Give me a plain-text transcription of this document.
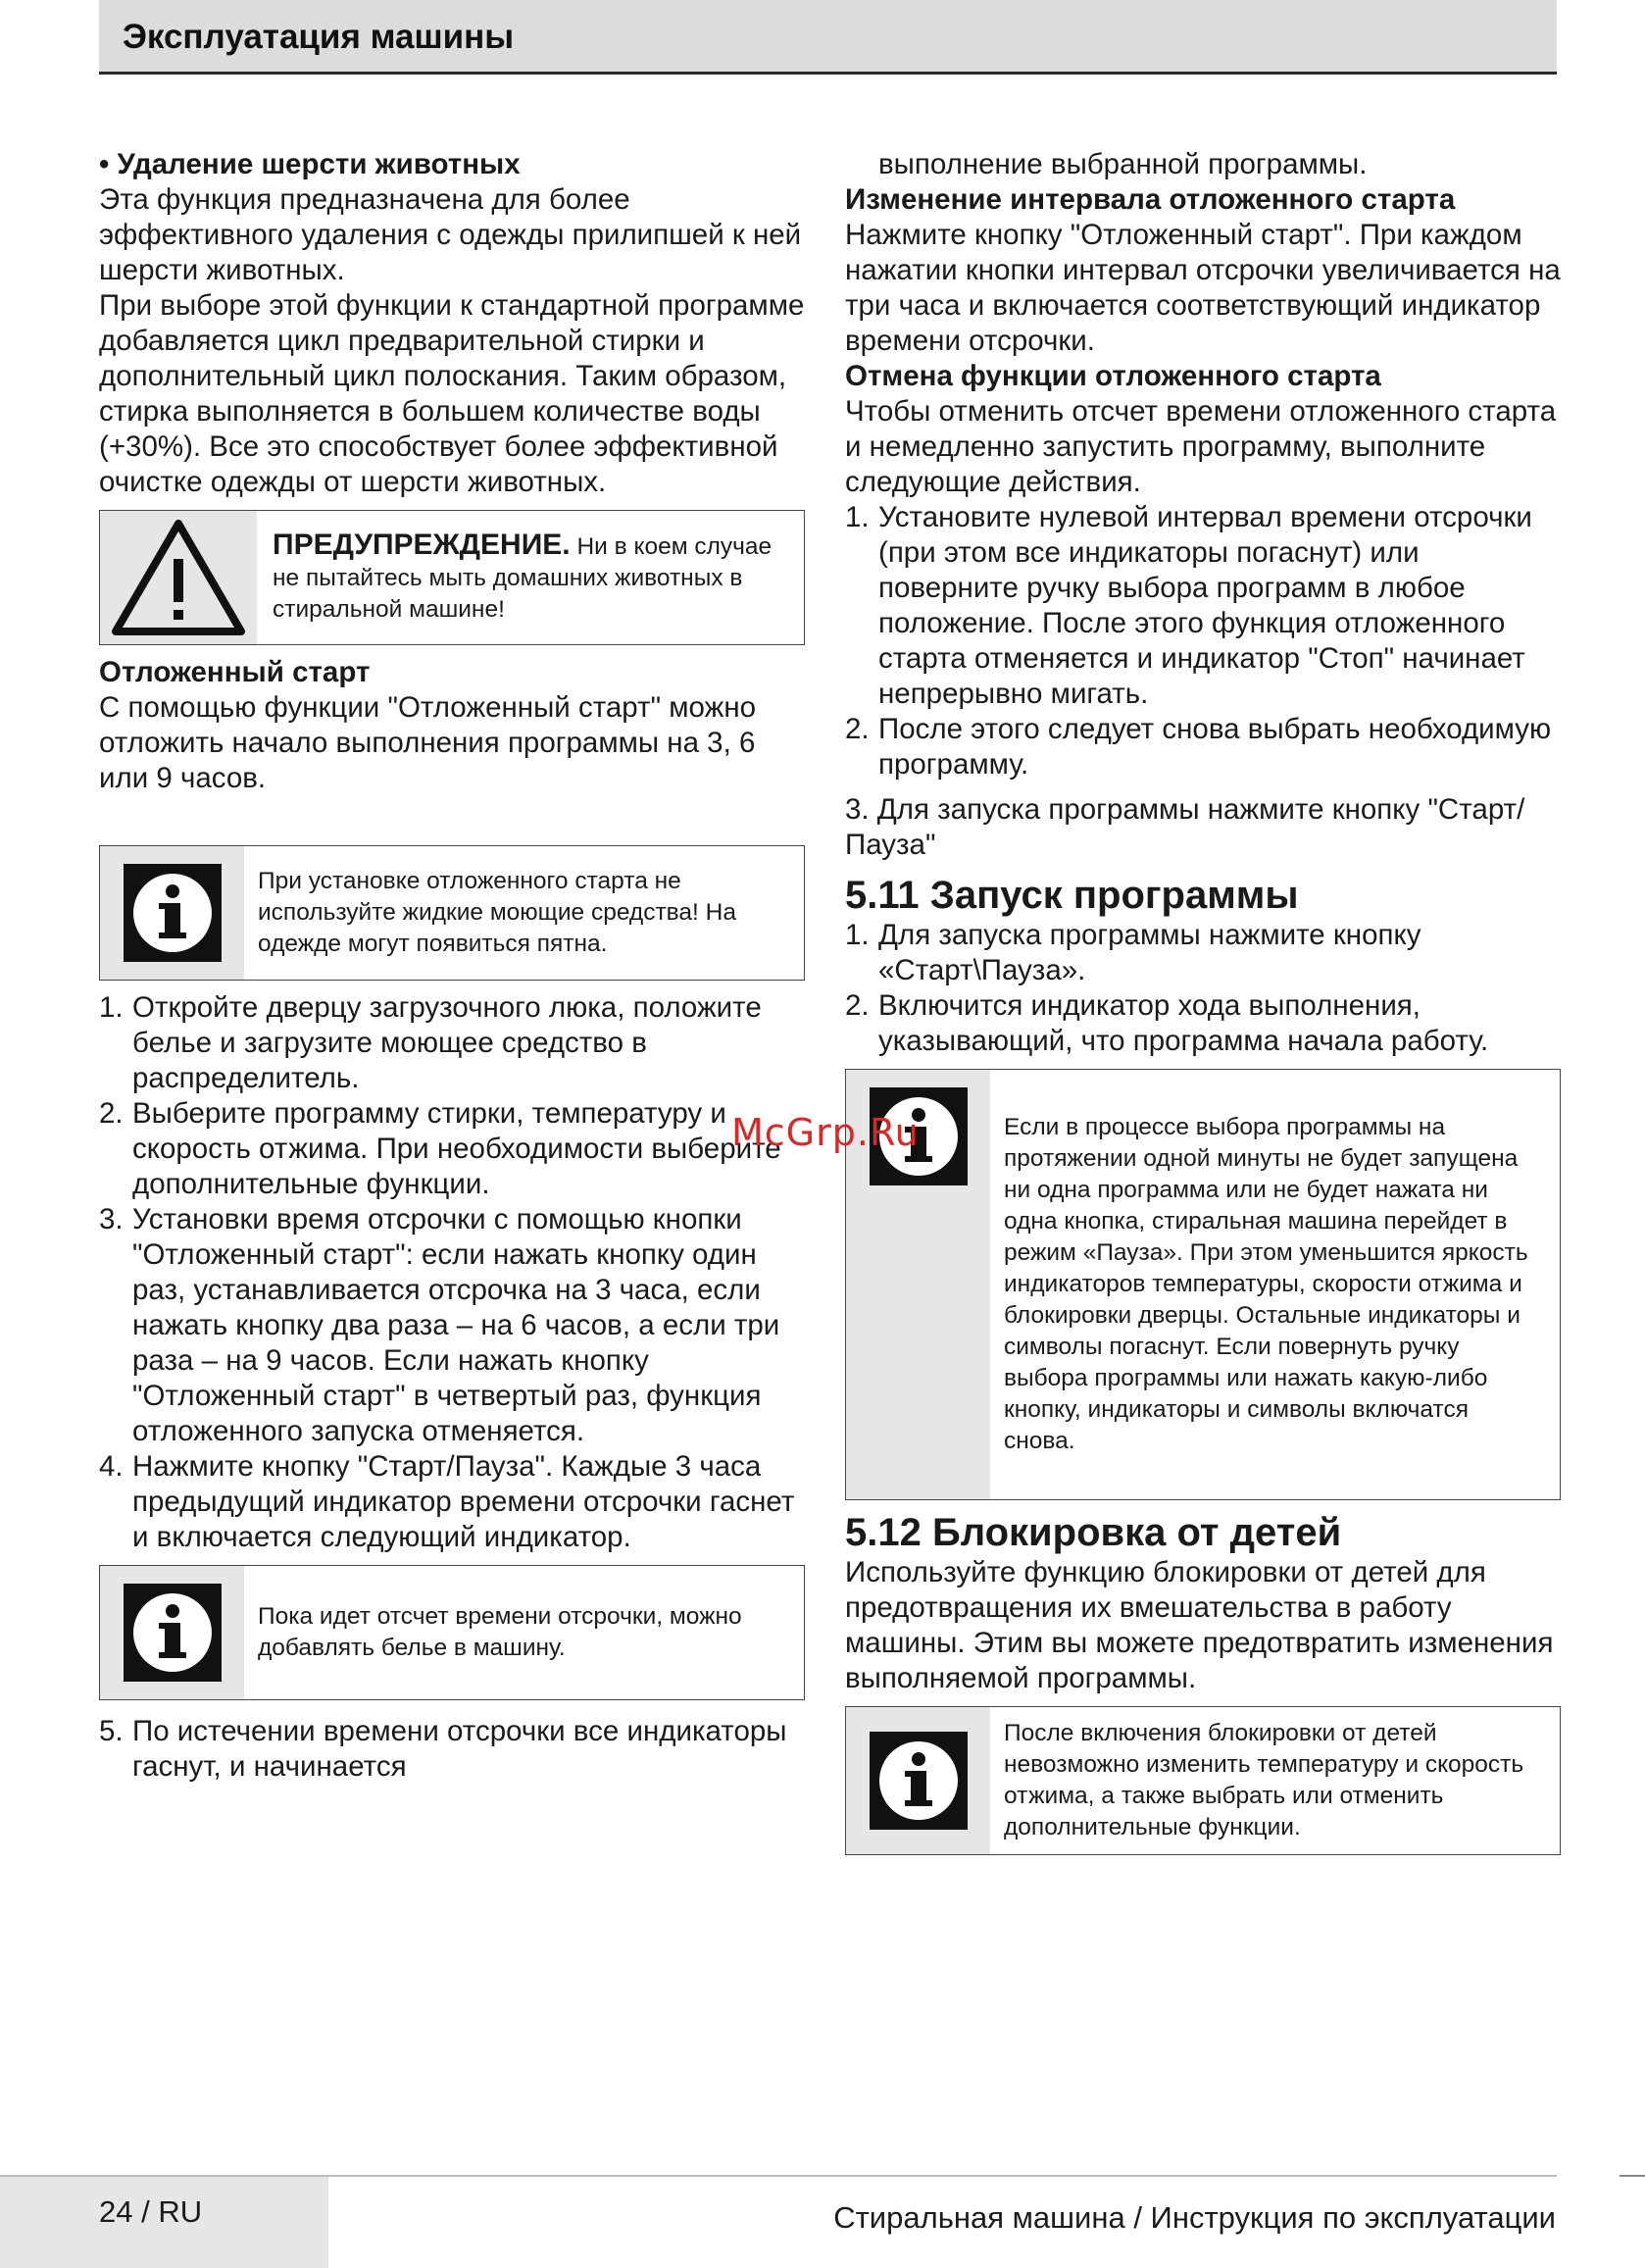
Эксплуатация машины

• Удаление шерсти животных

Эта функция предназначена для более эффективного удаления с одежды прилипшей к ней шерсти животных.

При выборе этой функции к стандартной программе добавляется цикл предварительной стирки и дополнительный цикл полоскания. Таким образом, стирка выполняется в большем количестве воды (+30%). Все это способствует более эффективной очистке одежды от шерсти животных.

ПРЕДУПРЕЖДЕНИЕ. Ни в коем случае не пытайтесь мыть домашних животных в стиральной машине!

Отложенный старт

С помощью функции "Отложенный старт" можно отложить начало выполнения программы на 3, 6 или 9 часов.

При установке отложенного старта не используйте жидкие моющие средства! На одежде могут появиться пятна.
1. Откройте дверцу загрузочного люка, положите белье и загрузите моющее средство в распределитель.
2. Выберите программу стирки, температуру и скорость отжима. При необходимости выберите дополнительные функции.
3. Установки время отсрочки с помощью кнопки "Отложенный старт": если нажать кнопку один раз, устанавливается отсрочка на 3 часа, если нажать кнопку два раза – на 6 часов, а если три раза – на 9 часов. Если нажать кнопку "Отложенный старт" в четвертый раз, функция отложенного запуска отменяется.
4. Нажмите кнопку "Старт/Пауза". Каждые 3 часа предыдущий индикатор времени отсрочки гаснет и включается следующий индикатор.
Пока идет отсчет времени отсрочки, можно добавлять белье в машину.
5. По истечении времени отсрочки все индикаторы гаснут, и начинается

выполнение выбранной программы.

Изменение интервала отложенного старта

Нажмите кнопку "Отложенный старт". При каждом нажатии кнопки интервал отсрочки увеличивается на три часа и включается соответствующий индикатор времени отсрочки.

Отмена функции отложенного старта

Чтобы отменить отсчет времени отложенного старта и немедленно запустить программу, выполните следующие действия.

1. Установите нулевой интервал времени отсрочки (при этом все индикаторы погаснут) или поверните ручку выбора программ в любое положение. После этого функция отложенного старта отменяется и индикатор "Стоп" начинает непрерывно мигать.
2. После этого следует снова выбрать необходимую программу.

3. Для запуска программы нажмите кнопку "Старт/Пауза"

5.11 Запуск программы

1. Для запуска программы нажмите кнопку «Старт\Пауза».
2. Включится индикатор хода выполнения, указывающий, что программа начала работу.
Если в процессе выбора программы на протяжении одной минуты не будет запущена ни одна программа или не будет нажата ни одна кнопка, стиральная машина перейдет в режим «Пауза». При этом уменьшится яркость индикаторов температуры, скорости отжима и блокировки дверцы. Остальные индикаторы и символы погаснут. Если повернуть ручку выбора программы или нажать какую-либо кнопку, индикаторы и символы включатся снова.

5.12 Блокировка от детей

Используйте функцию блокировки от детей для предотвращения их вмешательства в работу машины. Этим вы можете предотвратить изменения выполняемой программы.

После включения блокировки от детей невозможно изменить температуру и скорость отжима, а также выбрать или отменить дополнительные функции.
McGrp.Ru
24 / RU	Стиральная машина / Инструкция по эксплуатации
